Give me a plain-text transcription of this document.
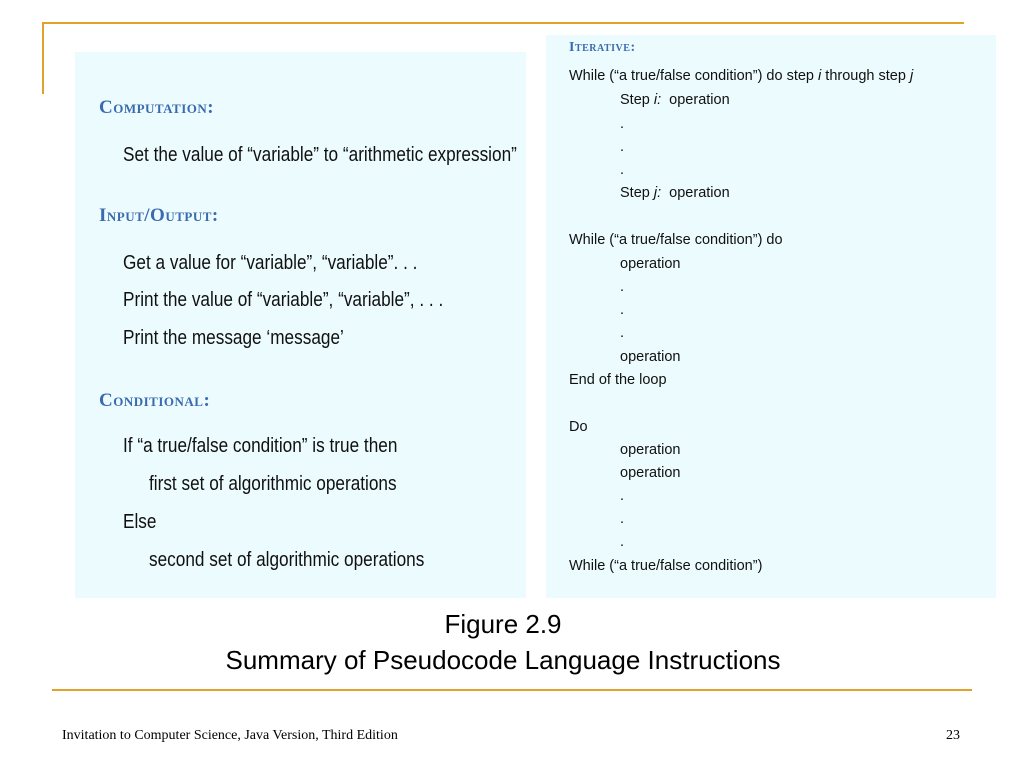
Computation:
Set the value of “variable” to “arithmetic expression”
Input/Output:
Get a value for “variable”, “variable”. . .
Print the value of “variable”, “variable”, . . .
Print the message ‘message’
Conditional:
If “a true/false condition” is true then
first set of algorithmic operations
Else
second set of algorithmic operations
Iterative:
While (“a true/false condition”) do step i through step j
Step i:  operation
.
.
.
Step j:  operation
While (“a true/false condition”) do
operation
.
.
.
operation
End of the loop
Do
operation
operation
.
.
.
While (“a true/false condition”)
Figure 2.9
Summary of Pseudocode Language Instructions
Invitation to Computer Science, Java Version, Third Edition	23
